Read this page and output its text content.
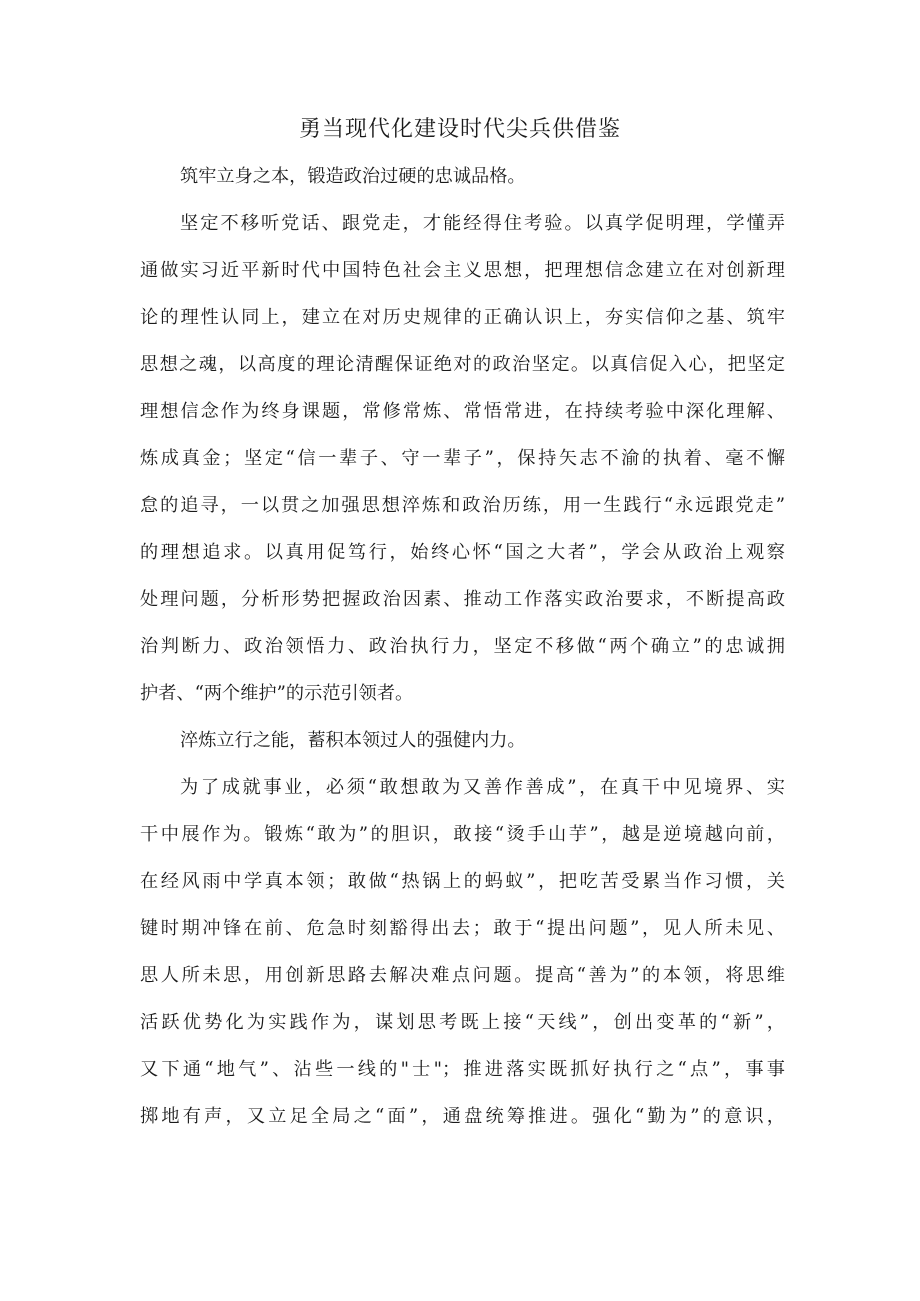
勇当现代化建设时代尖兵供借鉴
筑牢立身之本，锻造政治过硬的忠诚品格。
坚定不移听党话、跟党走，才能经得住考验。以真学促明理，学懂弄
通做实习近平新时代中国特色社会主义思想，把理想信念建立在对创新理
论的理性认同上，建立在对历史规律的正确认识上，夯实信仰之基、筑牢
思想之魂，以高度的理论清醒保证绝对的政治坚定。以真信促入心，把坚定
理想信念作为终身课题，常修常炼、常悟常进，在持续考验中深化理解、
炼成真金；坚定“信一辈子、守一辈子”，保持矢志不渝的执着、毫不懈
怠的追寻，一以贯之加强思想淬炼和政治历练，用一生践行“永远跟党走”
的理想追求。以真用促笃行，始终心怀“国之大者”，学会从政治上观察
处理问题，分析形势把握政治因素、推动工作落实政治要求，不断提高政
治判断力、政治领悟力、政治执行力，坚定不移做“两个确立”的忠诚拥
护者、“两个维护”的示范引领者。
淬炼立行之能，蓄积本领过人的强健内力。
为了成就事业，必须“敢想敢为又善作善成”，在真干中见境界、实
干中展作为。锻炼“敢为”的胆识，敢接“烫手山芋”，越是逆境越向前，
在经风雨中学真本领；敢做“热锅上的蚂蚁”，把吃苦受累当作习惯，关
键时期冲锋在前、危急时刻豁得出去；敢于“提出问题”，见人所未见、
思人所未思，用创新思路去解决难点问题。提高“善为”的本领，将思维
活跃优势化为实践作为，谋划思考既上接“天线”，创出变革的“新”，
又下通“地气”、沾些一线的"士"；推进落实既抓好执行之“点”，事事
掷地有声，又立足全局之“面”，通盘统筹推进。强化“勤为”的意识，
